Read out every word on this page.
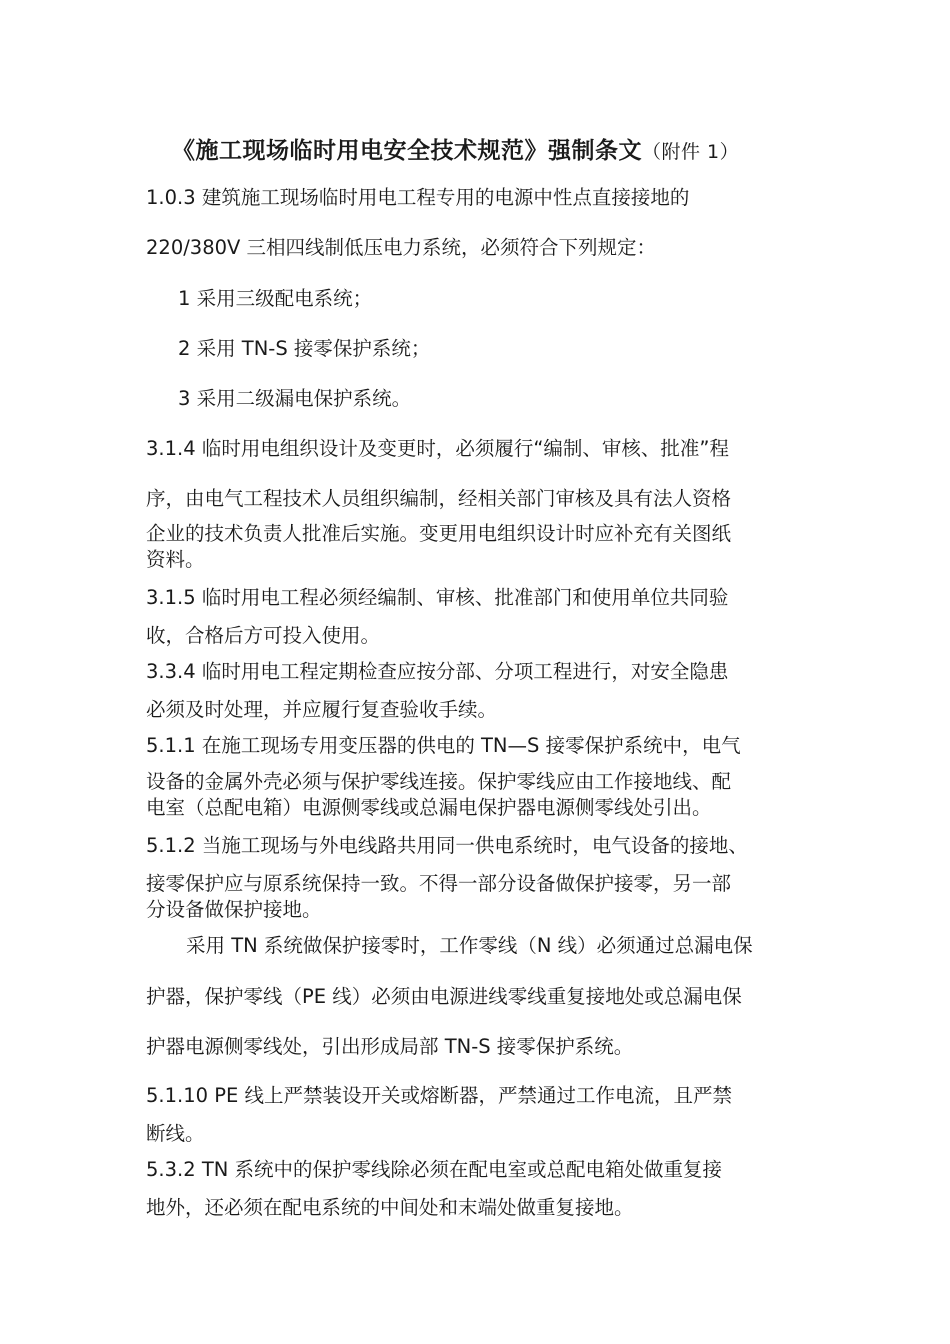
《施工现场临时用电安全技术规范》强制条文（附件 1）
1.0.3 建筑施工现场临时用电工程专用的电源中性点直接接地的
220/380V 三相四线制低压电力系统，必须符合下列规定：
1 采用三级配电系统；
2 采用 TN-S 接零保护系统；
3 采用二级漏电保护系统。
3.1.4 临时用电组织设计及变更时，必须履行“编制、审核、批准”程
序，由电气工程技术人员组织编制，经相关部门审核及具有法人资格
企业的技术负责人批准后实施。变更用电组织设计时应补充有关图纸
资料。
3.1.5 临时用电工程必须经编制、审核、批准部门和使用单位共同验
收，合格后方可投入使用。
3.3.4 临时用电工程定期检查应按分部、分项工程进行，对安全隐患
必须及时处理，并应履行复查验收手续。
5.1.1 在施工现场专用变压器的供电的 TN—S 接零保护系统中，电气
设备的金属外壳必须与保护零线连接。保护零线应由工作接地线、配
电室（总配电箱）电源侧零线或总漏电保护器电源侧零线处引出。
5.1.2 当施工现场与外电线路共用同一供电系统时，电气设备的接地、
接零保护应与原系统保持一致。不得一部分设备做保护接零，另一部
分设备做保护接地。
采用 TN 系统做保护接零时，工作零线（N 线）必须通过总漏电保
护器，保护零线（PE 线）必须由电源进线零线重复接地处或总漏电保
护器电源侧零线处，引出形成局部 TN-S 接零保护系统。
5.1.10 PE 线上严禁装设开关或熔断器，严禁通过工作电流，且严禁
断线。
5.3.2 TN 系统中的保护零线除必须在配电室或总配电箱处做重复接
地外，还必须在配电系统的中间处和末端处做重复接地。
